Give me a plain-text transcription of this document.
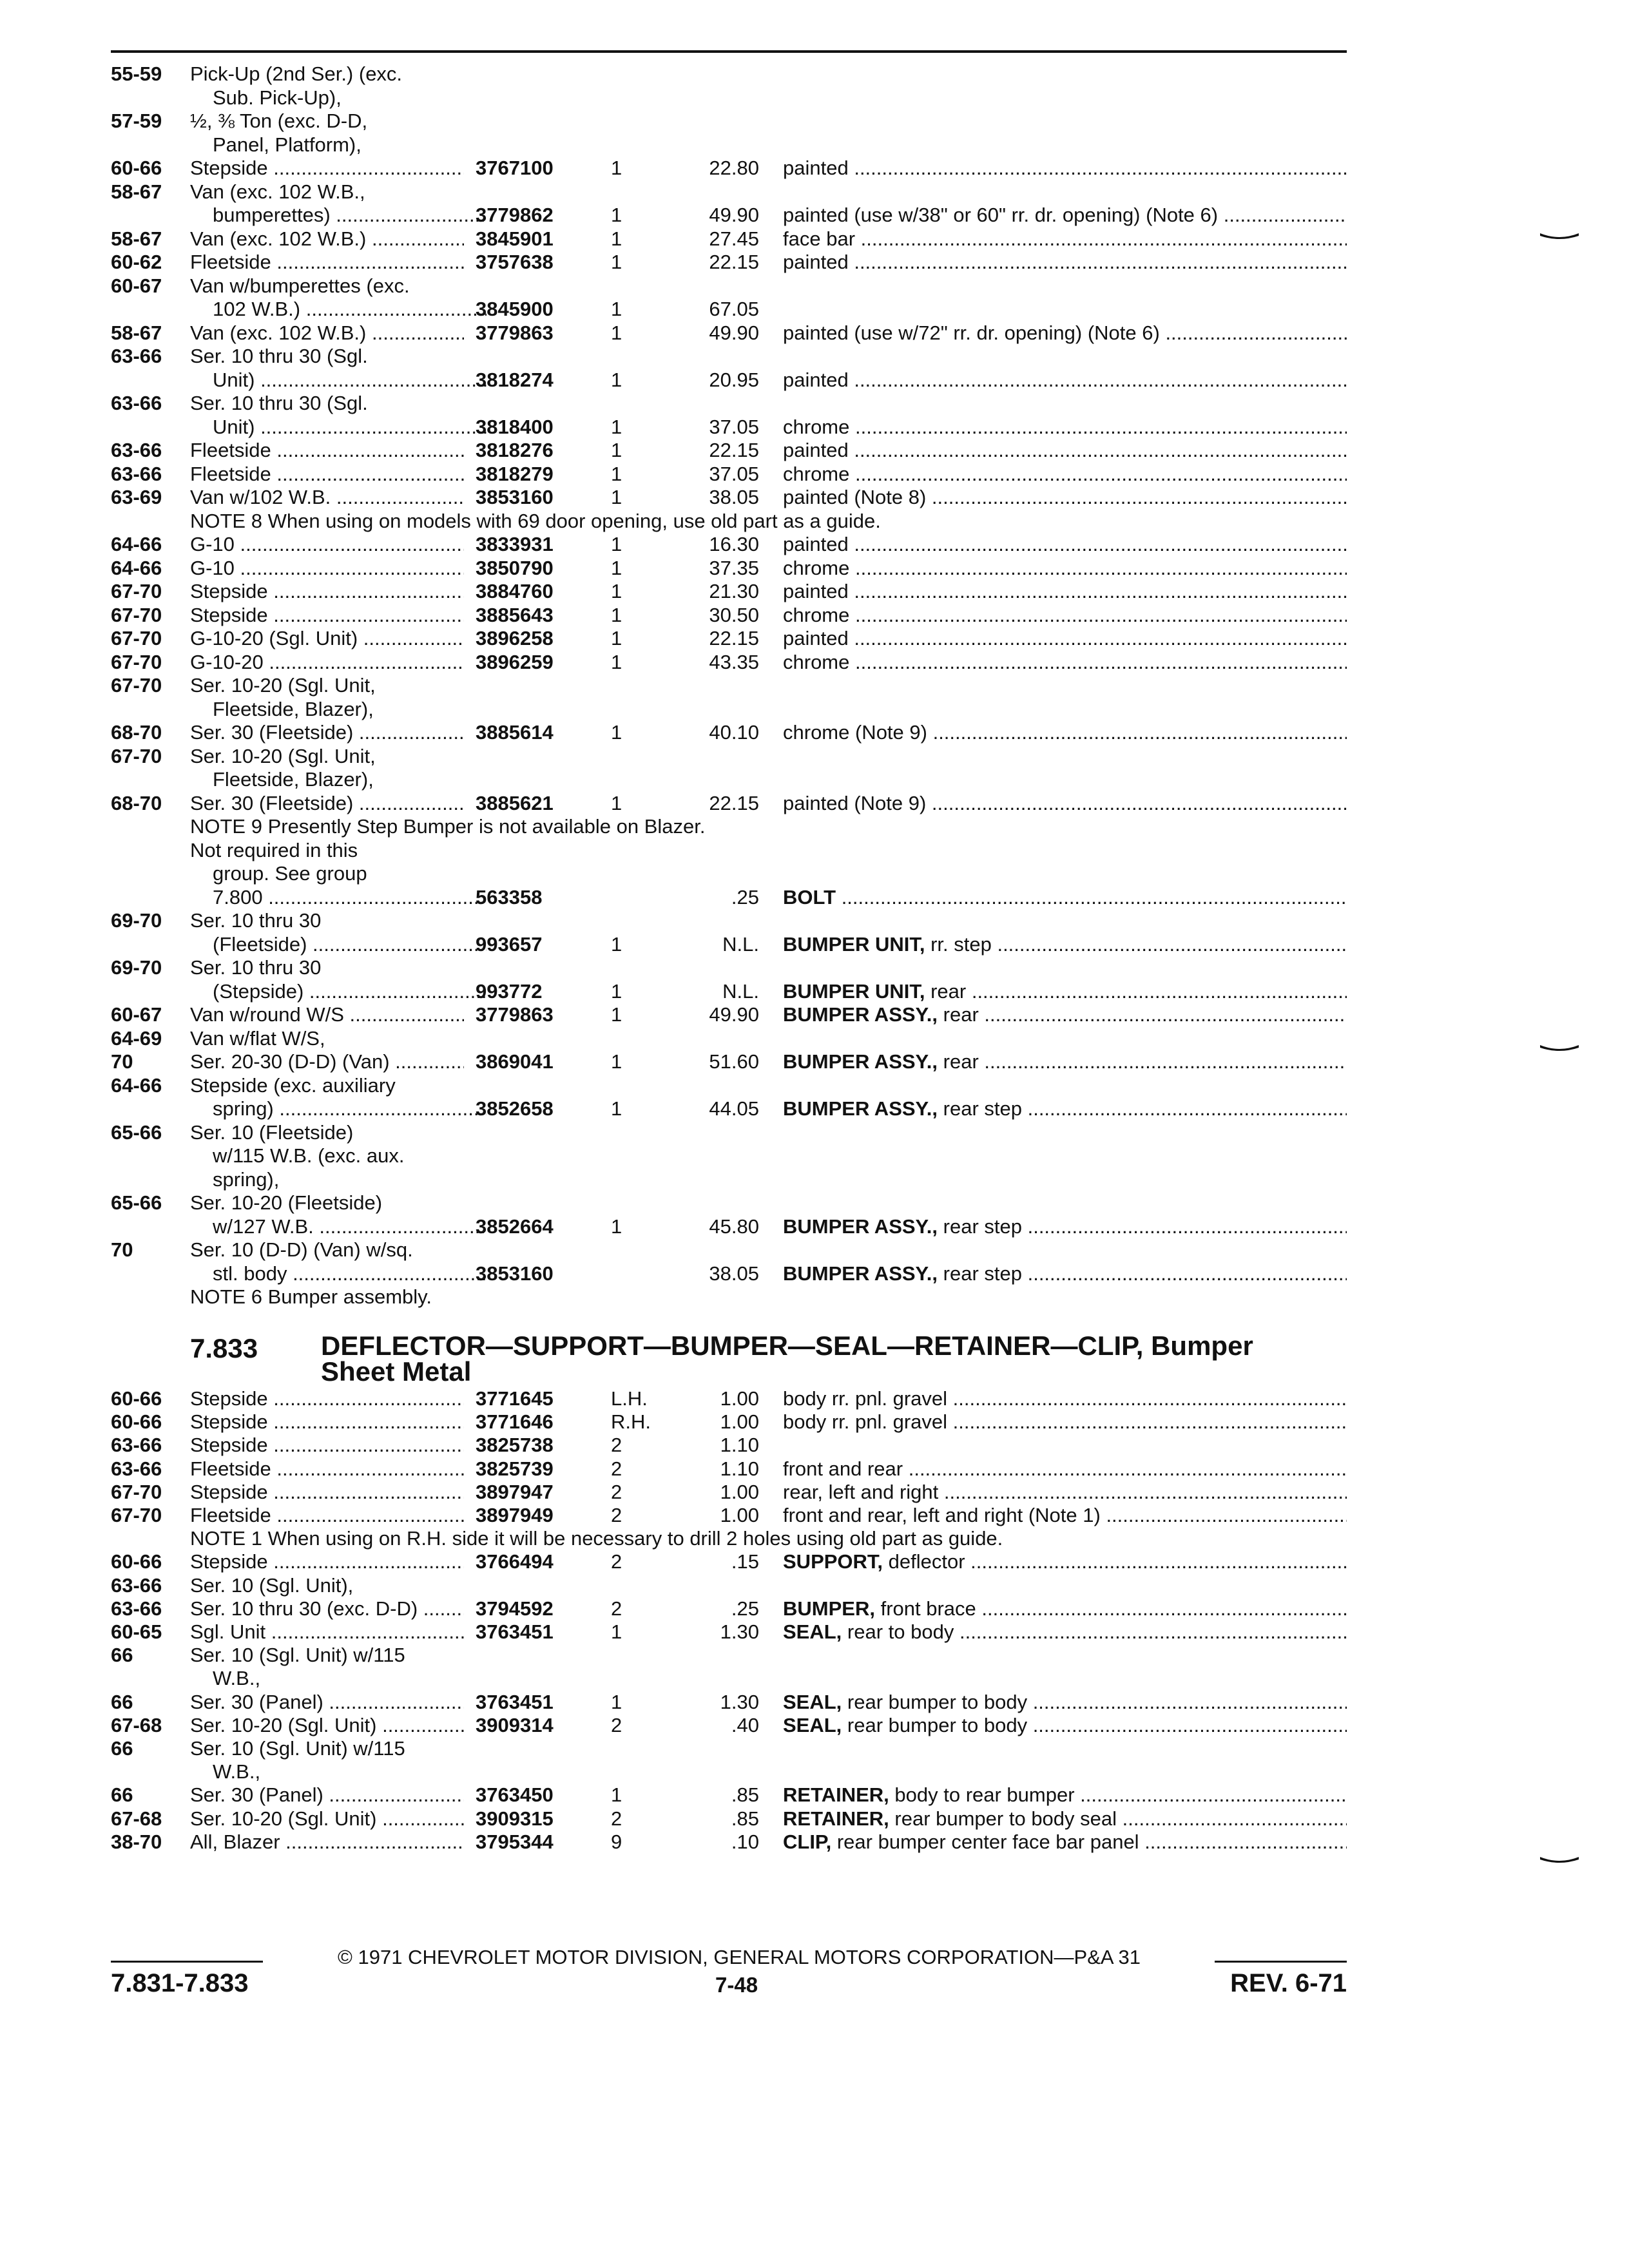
55-59 Pick-Up (2nd Ser.) (exc.
Sub. Pick-Up),
57-59 ½, ⅜ Ton (exc. D-D,
Panel, Platform),
60-66 Stepside .....	3767100	1	22.80 painted .....
58-67 Van (exc. 102 W.B.,
bumperettes) .....	3779862	1	49.90 painted (use w/38" or 60" rr. dr. opening) (Note 6) .....
58-67 Van (exc. 102 W.B.) .....	3845901	1	27.45 face bar .....
60-62 Fleetside .....	3757638	1	22.15 painted .....
60-67 Van w/bumperettes (exc.
102 W.B.) .....	3845900	1	67.05
58-67 Van (exc. 102 W.B.) .....	3779863	1	49.90 painted (use w/72" rr. dr. opening) (Note 6) .....
63-66 Ser. 10 thru 30 (Sgl.
Unit) .....	3818274	1	20.95 painted .....
63-66 Ser. 10 thru 30 (Sgl.
Unit) .....	3818400	1	37.05 chrome .....
63-66 Fleetside .....	3818276	1	22.15 painted .....
63-66 Fleetside .....	3818279	1	37.05 chrome .....
63-69 Van w/102 W.B. .....	3853160	1	38.05 painted (Note 8) .....
NOTE 8 When using on models with 69 door opening, use old part as a guide.
64-66 G-10 .....	3833931	1	16.30 painted .....
64-66 G-10 .....	3850790	1	37.35 chrome .....
67-70 Stepside .....	3884760	1	21.30 painted .....
67-70 Stepside .....	3885643	1	30.50 chrome .....
67-70 G-10-20 (Sgl. Unit) .....	3896258	1	22.15 painted .....
67-70 G-10-20 .....	3896259	1	43.35 chrome .....
67-70 Ser. 10-20 (Sgl. Unit,
Fleetside, Blazer),
68-70 Ser. 30 (Fleetside) .....	3885614	1	40.10 chrome (Note 9) .....
67-70 Ser. 10-20 (Sgl. Unit,
Fleetside, Blazer),
68-70 Ser. 30 (Fleetside) .....	3885621	1	22.15 painted (Note 9) .....
NOTE 9 Presently Step Bumper is not available on Blazer.
Not required in this
group. See group
7.800 .....	563358	.25 BOLT .....
69-70 Ser. 10 thru 30
(Fleetside) .....	993657	1	N.L. BUMPER UNIT, rr. step .....
69-70 Ser. 10 thru 30
(Stepside) .....	993772	1	N.L. BUMPER UNIT, rear .....
60-67 Van w/round W/S .....	3779863	1	49.90 BUMPER ASSY., rear .....
64-69 Van w/flat W/S,
70	Ser. 20-30 (D-D) (Van) .....	3869041	1	51.60 BUMPER ASSY., rear .....
64-66 Stepside (exc. auxiliary
spring) .....	3852658	1	44.05 BUMPER ASSY., rear step .....
65-66 Ser. 10 (Fleetside)
w/115 W.B. (exc. aux.
spring),
65-66 Ser. 10-20 (Fleetside)
w/127 W.B. .....	3852664	1	45.80 BUMPER ASSY., rear step .....
70	Ser. 10 (D-D) (Van) w/sq.
stl. body .....	3853160	38.05 BUMPER ASSY., rear step .....
NOTE 6 Bumper assembly.
7.833 DEFLECTOR—SUPPORT—BUMPER—SEAL—RETAINER—CLIP, Bumper Sheet Metal
60-66 Stepside .....	3771645	L.H.	1.00 body rr. pnl. gravel .....
60-66 Stepside .....	3771646	R.H.	1.00 body rr. pnl. gravel .....
63-66 Stepside .....	3825738	2	1.10
63-66 Fleetside .....	3825739	2	1.10 front and rear .....
67-70 Stepside .....	3897947	2	1.00 rear, left and right .....
67-70 Fleetside .....	3897949	2	1.00 front and rear, left and right (Note 1) .....
NOTE 1 When using on R.H. side it will be necessary to drill 2 holes using old part as guide.
60-66 Stepside .....	3766494	2	.15 SUPPORT, deflector .....
63-66 Ser. 10 (Sgl. Unit),
63-66 Ser. 10 thru 30 (exc. D-D) .....	3794592	2	.25 BUMPER, front brace .....
60-65 Sgl. Unit .....	3763451	1	1.30 SEAL, rear to body .....
66	Ser. 10 (Sgl. Unit) w/115
W.B.,
66	Ser. 30 (Panel) .....	3763451	1	1.30 SEAL, rear bumper to body .....
67-68 Ser. 10-20 (Sgl. Unit) .....	3909314	2	.40 SEAL, rear bumper to body .....
66	Ser. 10 (Sgl. Unit) w/115
W.B.,
66	Ser. 30 (Panel) .....	3763450	1	.85 RETAINER, body to rear bumper .....
67-68 Ser. 10-20 (Sgl. Unit) .....	3909315	2	.85 RETAINER, rear bumper to body seal .....
38-70 All, Blazer .....	3795344	9	.10 CLIP, rear bumper center face bar panel .....
© 1971 CHEVROLET MOTOR DIVISION, GENERAL MOTORS CORPORATION—P&A 31
7.831-7.833	7-48	REV. 6-71
